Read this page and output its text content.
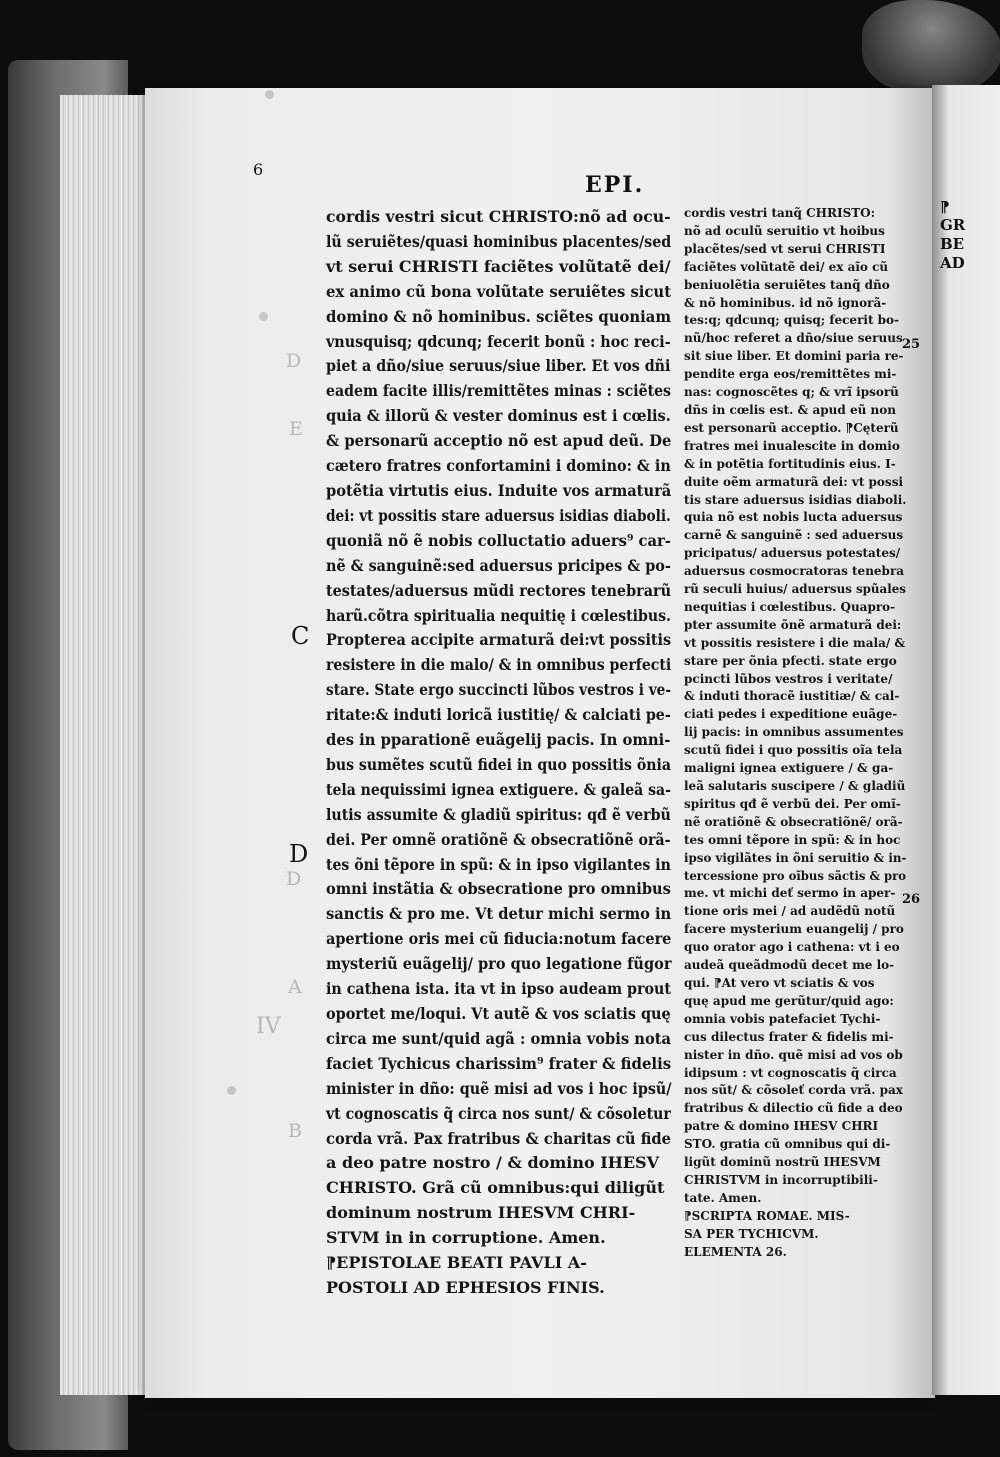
⁋
GR
BE
AD
6
EPI.
D
E
D
A
IV
B
C
D
25
26
cordis vestri sicut CHRISTO:nõ ad ocu-
lũ seruiẽtes/quasi hominibus placentes/sed
vt serui CHRISTI faciẽtes volũtatẽ dei/
ex animo cũ bona volũtate seruiẽtes sicut
domino & nõ hominibus. sciẽtes quoniam
vnusquisq; qdcunq; fecerit bonũ : hoc reci-
piet a dño/siue seruus/siue liber. Et vos dñi
eadem facite illis/remittẽtes minas : sciẽtes
quia & illorũ & vester dominus est i cœlis.
& personarũ acceptio nõ est apud deũ. De
cætero fratres confortamini i domino: & in
potẽtia virtutis eius. Induite vos armaturã
dei: vt possitis stare aduersus isidias diaboli.
quoniã nõ ẽ nobis colluctatio aduers⁹ car-
nẽ & sanguinẽ:sed aduersus pricipes & po-
testates/aduersus mũdi rectores tenebrarũ
harũ.cõtra spiritualia nequitię i cœlestibus.
Propterea accipite armaturã dei:vt possitis
resistere in die malo/ & in omnibus perfecti
stare. State ergo succincti lũbos vestros i ve-
ritate:& induti loricã iustitię/ & calciati pe-
des in pparationẽ euãgelij pacis. In omni-
bus sumẽtes scutũ fidei in quo possitis õnia
tela nequissimi ignea extiguere. & galeã sa-
lutis assumite & gladiũ spiritus: qđ ẽ verbũ
dei. Per omnẽ oratiõnẽ & obsecratiõnẽ orã-
tes õni tẽpore in spũ: & in ipso vigilantes in
omni instãtia & obsecratione pro omnibus
sanctis & pro me. Vt detur michi sermo in
apertione oris mei cũ fiducia:notum facere
mysteriũ euãgelij/ pro quo legatione fũgor
in cathena ista. ita vt in ipso audeam prout
oportet me/loqui. Vt autẽ & vos sciatis quę
circa me sunt/quid agã : omnia vobis nota
faciet Tychicus charissim⁹ frater & fidelis
minister in dño: quẽ misi ad vos i hoc ipsũ/
vt cognoscatis q̃ circa nos sunt/ & cõsoletur
corda vrã. Pax fratribus & charitas cũ fide
a deo patre nostro / & domino IHESV
CHRISTO. Grã cũ omnibus:qui diligũt
dominum nostrum IHESVM CHRI-
STVM in in corruptione. Amen.
⁋EPISTOLAE BEATI PAVLI A-
POSTOLI AD EPHESIOS FINIS.
cordis vestri tanq̃ CHRISTO:
nõ ad oculũ seruitio vt hoibus
placẽtes/sed vt serui CHRISTI
faciẽtes volũtatẽ dei/ ex aĩo cũ
beniuolẽtia seruiẽtes tanq̃ dño
& nõ hominibus. id nõ ignorã-
tes:q; qdcunq; quisq; fecerit bo-
nũ/hoc referet a dño/siue seruus
sit siue liber. Et domini paria re-
pendite erga eos/remittẽtes mi-
nas: cognoscẽtes q; & vrĩ ipsorũ
dñs in cœlis est. & apud eũ non
est personarũ acceptio. ⁋Cęterũ
fratres mei inualescite in domio
& in potẽtia fortitudinis eius. I-
duite oẽm armaturã dei: vt possi
tis stare aduersus isidias diaboli.
quia nõ est nobis lucta aduersus
carnẽ & sanguinẽ : sed aduersus
pricipatus/ aduersus potestates/
aduersus cosmocratoras tenebra
rũ seculi huius/ aduersus spũales
nequitias i cœlestibus. Quapro-
pter assumite õnẽ armaturã dei:
vt possitis resistere i die mala/ &
stare per õnia pfecti. state ergo
pcincti lũbos vestros i veritate/
& induti thoracẽ iustitiæ/ & cal-
ciati pedes i expeditione euãge-
lij pacis: in omnibus assumentes
scutũ fidei i quo possitis oĩa tela
maligni ignea extiguere / & ga-
leã salutaris suscipere / & gladiũ
spiritus qđ ẽ verbũ dei. Per omĩ-
nẽ oratiõnẽ & obsecratiõnẽ/ orã-
tes omni tẽpore in spũ: & in hoc
ipso vigilãtes in õni seruitio & in-
tercessione pro oĩbus sãctis & pro
me. vt michi deť sermo in aper-
tione oris mei / ad audẽdũ notũ
facere mysterium euangelij / pro
quo orator ago i cathena: vt i eo
audeã queãdmodũ decet me lo-
qui. ⁋At vero vt sciatis & vos
quę apud me gerũtur/quid ago:
omnia vobis patefaciet Tychi-
cus dilectus frater & fidelis mi-
nister in dño. quẽ misi ad vos ob
idipsum : vt cognoscatis q̃ circa
nos sũt/ & cõsoleť corda vrã. pax
fratribus & dilectio cũ fide a deo
patre & domino IHESV CHRI
STO. gratia cũ omnibus qui di-
ligũt dominũ nostrũ IHESVM
CHRISTVM in incorruptibili-
tate. Amen.
⁋SCRIPTA ROMAE. MIS-
SA PER TYCHICVM.
ELEMENTA 26.
